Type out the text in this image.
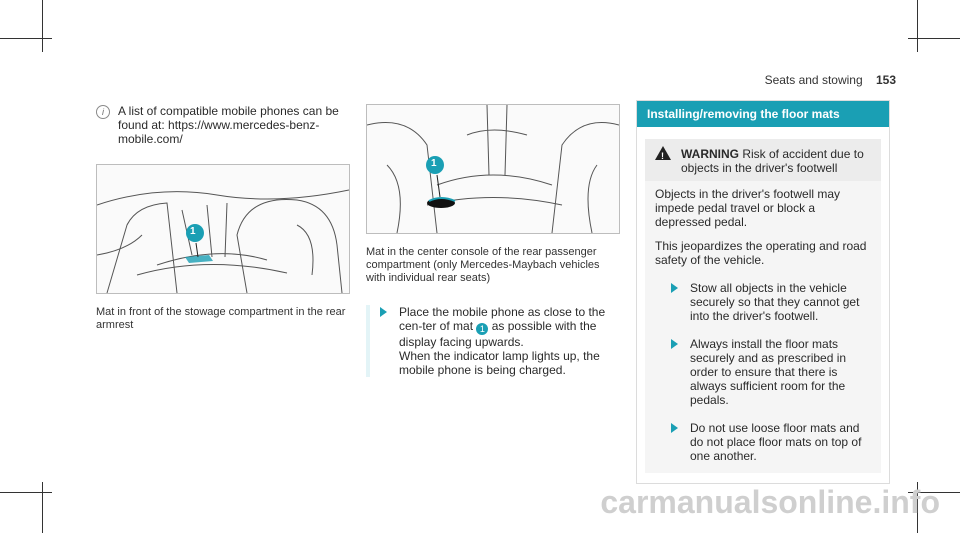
Seats and stowing 153
i	A list of compatible mobile phones can be found at: https://www.mercedes-benz-mobile.com/
1
Mat in front of the stowage compartment in the rear armrest
1
Mat in the center console of the rear passenger compartment (only Mercedes-Maybach vehicles with individual rear seats)
Place the mobile phone as close to the cen-ter of mat 1 as possible with the display facing upwards.
When the indicator lamp lights up, the mobile phone is being charged.
Installing/removing the floor mats
! WARNING Risk of accident due to objects in the driver's footwell

Objects in the driver's footwell may impede pedal travel or block a depressed pedal.

This jeopardizes the operating and road safety of the vehicle.

Stow all objects in the vehicle securely so that they cannot get into the driver's footwell.
Always install the floor mats securely and as prescribed in order to ensure that there is always sufficient room for the pedals.
Do not use loose floor mats and do not place floor mats on top of one another.
carmanualsonline.info
